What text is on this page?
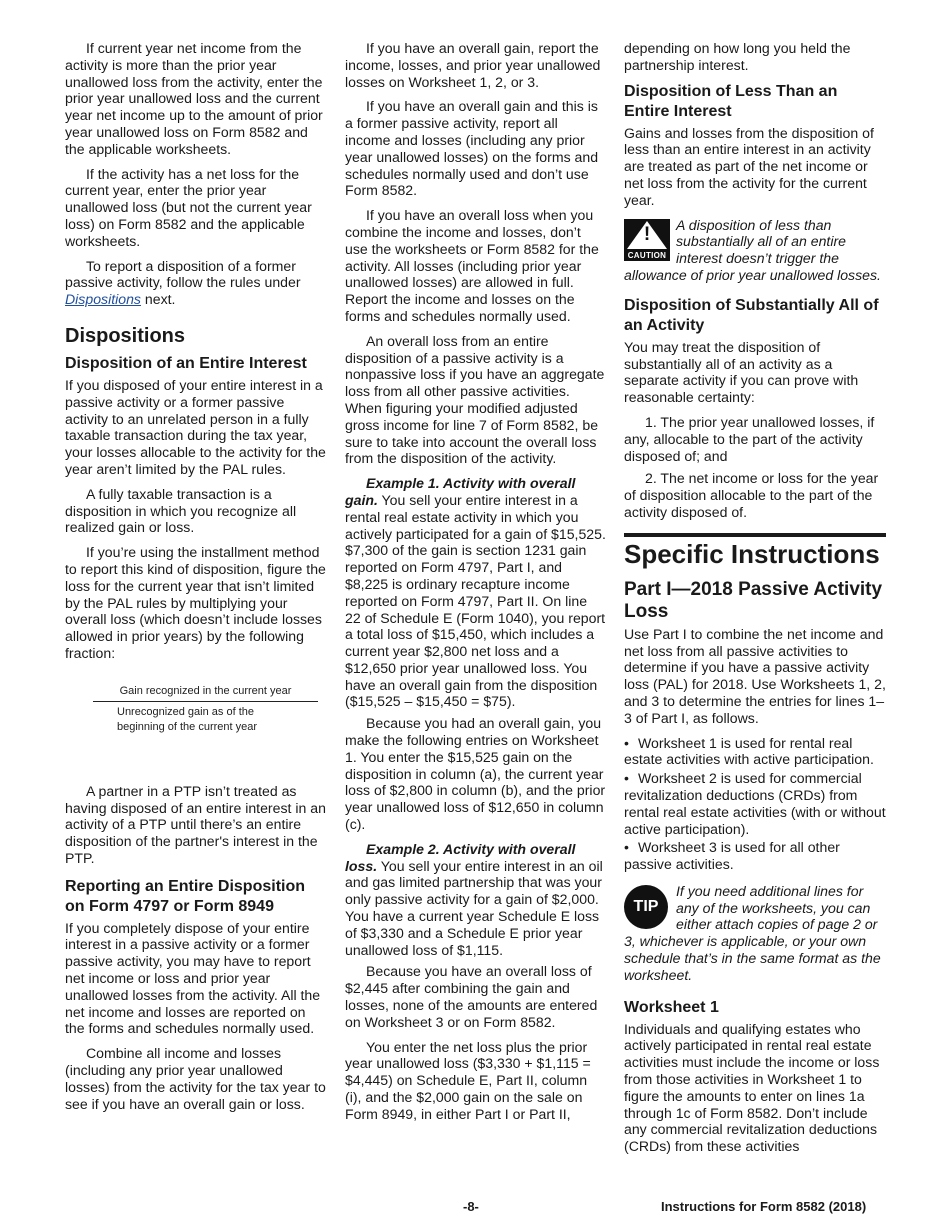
If current year net income from the activity is more than the prior year unallowed loss from the activity, enter the prior year unallowed loss and the current year net income up to the amount of prior year unallowed loss on Form 8582 and the applicable worksheets.

If the activity has a net loss for the current year, enter the prior year unallowed loss (but not the current year loss) on Form 8582 and the applicable worksheets.

To report a disposition of a former passive activity, follow the rules under Dispositions next.

Dispositions
Disposition of an Entire Interest

If you disposed of your entire interest in a passive activity or a former passive activity to an unrelated person in a fully taxable transaction during the tax year, your losses allocable to the activity for the year aren’t limited by the PAL rules.

A fully taxable transaction is a disposition in which you recognize all realized gain or loss.

If you’re using the installment method to report this kind of disposition, figure the loss for the current year that isn’t limited by the PAL rules by multiplying your overall loss (which doesn’t include losses allowed in prior years) by the following fraction:

Gain recognized in the current year
Unrecognized gain as of the beginning of the current year

A partner in a PTP isn’t treated as having disposed of an entire interest in an activity of a PTP until there’s an entire disposition of the partner's interest in the PTP.

Reporting an Entire Disposition on Form 4797 or Form 8949

If you completely dispose of your entire interest in a passive activity or a former passive activity, you may have to report net income or loss and prior year unallowed losses from the activity. All the net income and losses are reported on the forms and schedules normally used.

Combine all income and losses (including any prior year unallowed losses) from the activity for the tax year to see if you have an overall gain or loss.

If you have an overall gain, report the income, losses, and prior year unallowed losses on Worksheet 1, 2, or 3.

If you have an overall gain and this is a former passive activity, report all income and losses (including any prior year unallowed losses) on the forms and schedules normally used and don’t use Form 8582.

If you have an overall loss when you combine the income and losses, don’t use the worksheets or Form 8582 for the activity. All losses (including prior year unallowed losses) are allowed in full. Report the income and losses on the forms and schedules normally used.

An overall loss from an entire disposition of a passive activity is a nonpassive loss if you have an aggregate loss from all other passive activities. When figuring your modified adjusted gross income for line 7 of Form 8582, be sure to take into account the overall loss from the disposition of the activity.

Example 1. Activity with overall gain. You sell your entire interest in a rental real estate activity in which you actively participated for a gain of $15,525. $7,300 of the gain is section 1231 gain reported on Form 4797, Part I, and $8,225 is ordinary recapture income reported on Form 4797, Part II. On line 22 of Schedule E (Form 1040), you report a total loss of $15,450, which includes a current year $2,800 net loss and a $12,650 prior year unallowed loss. You have an overall gain from the disposition ($15,525 – $15,450 = $75).

Because you had an overall gain, you make the following entries on Worksheet 1. You enter the $15,525 gain on the disposition in column (a), the current year loss of $2,800 in column (b), and the prior year unallowed loss of $12,650 in column (c).

Example 2. Activity with overall loss. You sell your entire interest in an oil and gas limited partnership that was your only passive activity for a gain of $2,000. You have a current year Schedule E loss of $3,330 and a Schedule E prior year unallowed loss of $1,115.

Because you have an overall loss of $2,445 after combining the gain and losses, none of the amounts are entered on Worksheet 3 or on Form 8582.

You enter the net loss plus the prior year unallowed loss ($3,330 + $1,115 = $4,445) on Schedule E, Part II, column (i), and the $2,000 gain on the sale on Form 8949, in either Part I or Part II,

depending on how long you held the partnership interest.

Disposition of Less Than an Entire Interest

Gains and losses from the disposition of less than an entire interest in an activity are treated as part of the net income or net loss from the activity for the current year.

!
CAUTION
A disposition of less than substantially all of an entire interest doesn’t trigger the allowance of prior year unallowed losses.
Disposition of Substantially All of an Activity

You may treat the disposition of substantially all of an activity as a separate activity if you can prove with reasonable certainty:

1. The prior year unallowed losses, if any, allocable to the part of the activity disposed of; and
2. The net income or loss for the year of disposition allocable to the part of the activity disposed of.
Specific Instructions
Part I—2018 Passive Activity Loss

Use Part I to combine the net income and net loss from all passive activities to determine if you have a passive activity loss (PAL) for 2018. Use Worksheets 1, 2, and 3 to determine the entries for lines 1–3 of Part I, as follows.

• Worksheet 1 is used for rental real estate activities with active participation.
• Worksheet 2 is used for commercial revitalization deductions (CRDs) from rental real estate activities (with or without active participation).
• Worksheet 3 is used for all other passive activities.
TIP
If you need additional lines for any of the worksheets, you can either attach copies of page 2 or 3, whichever is applicable, or your own schedule that’s in the same format as the worksheet.
Worksheet 1

Individuals and qualifying estates who actively participated in rental real estate activities must include the income or loss from those activities in Worksheet 1 to figure the amounts to enter on lines 1a through 1c of Form 8582. Don’t include any commercial revitalization deductions (CRDs) from these activities

-8-	Instructions for Form 8582 (2018)
